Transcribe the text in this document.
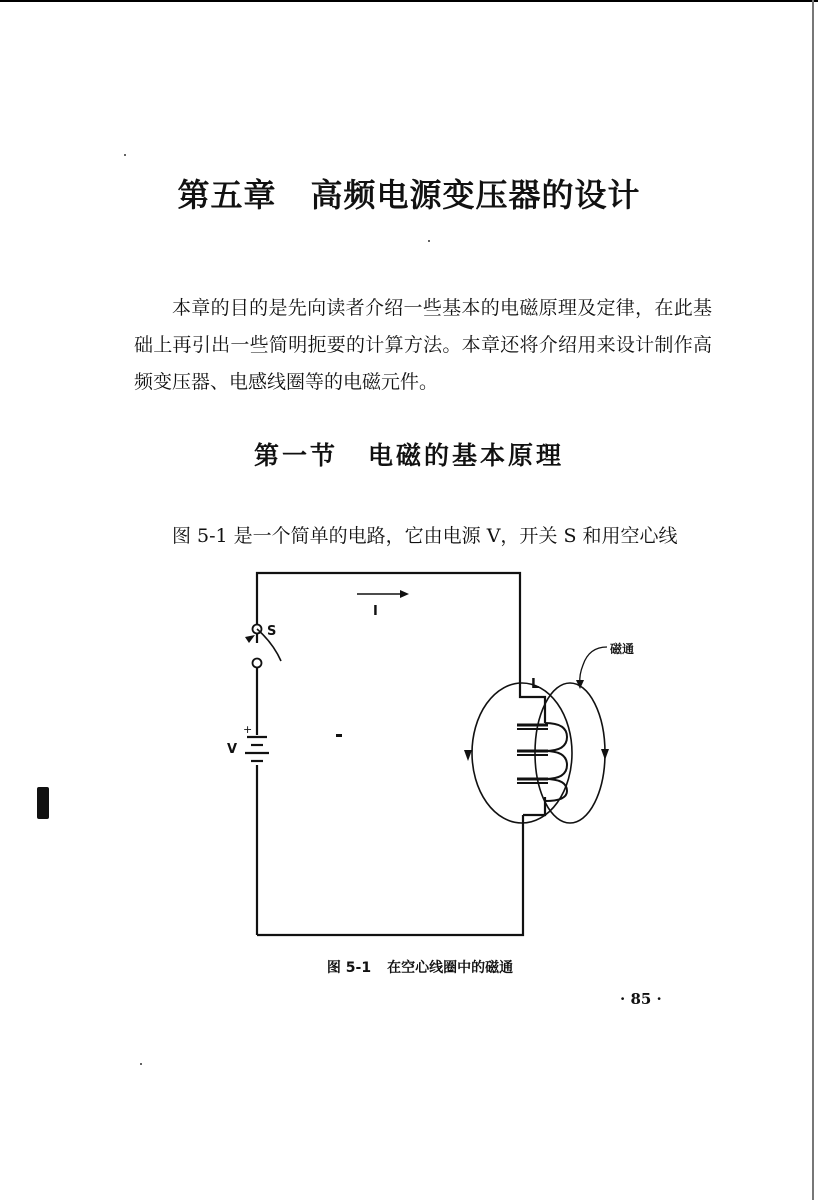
第五章 高频电源变压器的设计

本章的目的是先向读者介绍一些基本的电磁原理及定律，在此基础上再引出一些简明扼要的计算方法。本章还将介绍用来设计制作高频变压器、电感线圈等的电磁元件。

第一节 电磁的基本原理

图 5-1 是一个简单的电路，它由电源 V，开关 S 和用空心线

I
S
+
V
L
磁通

图 5-1 在空心线圈中的磁通

· 85 ·
